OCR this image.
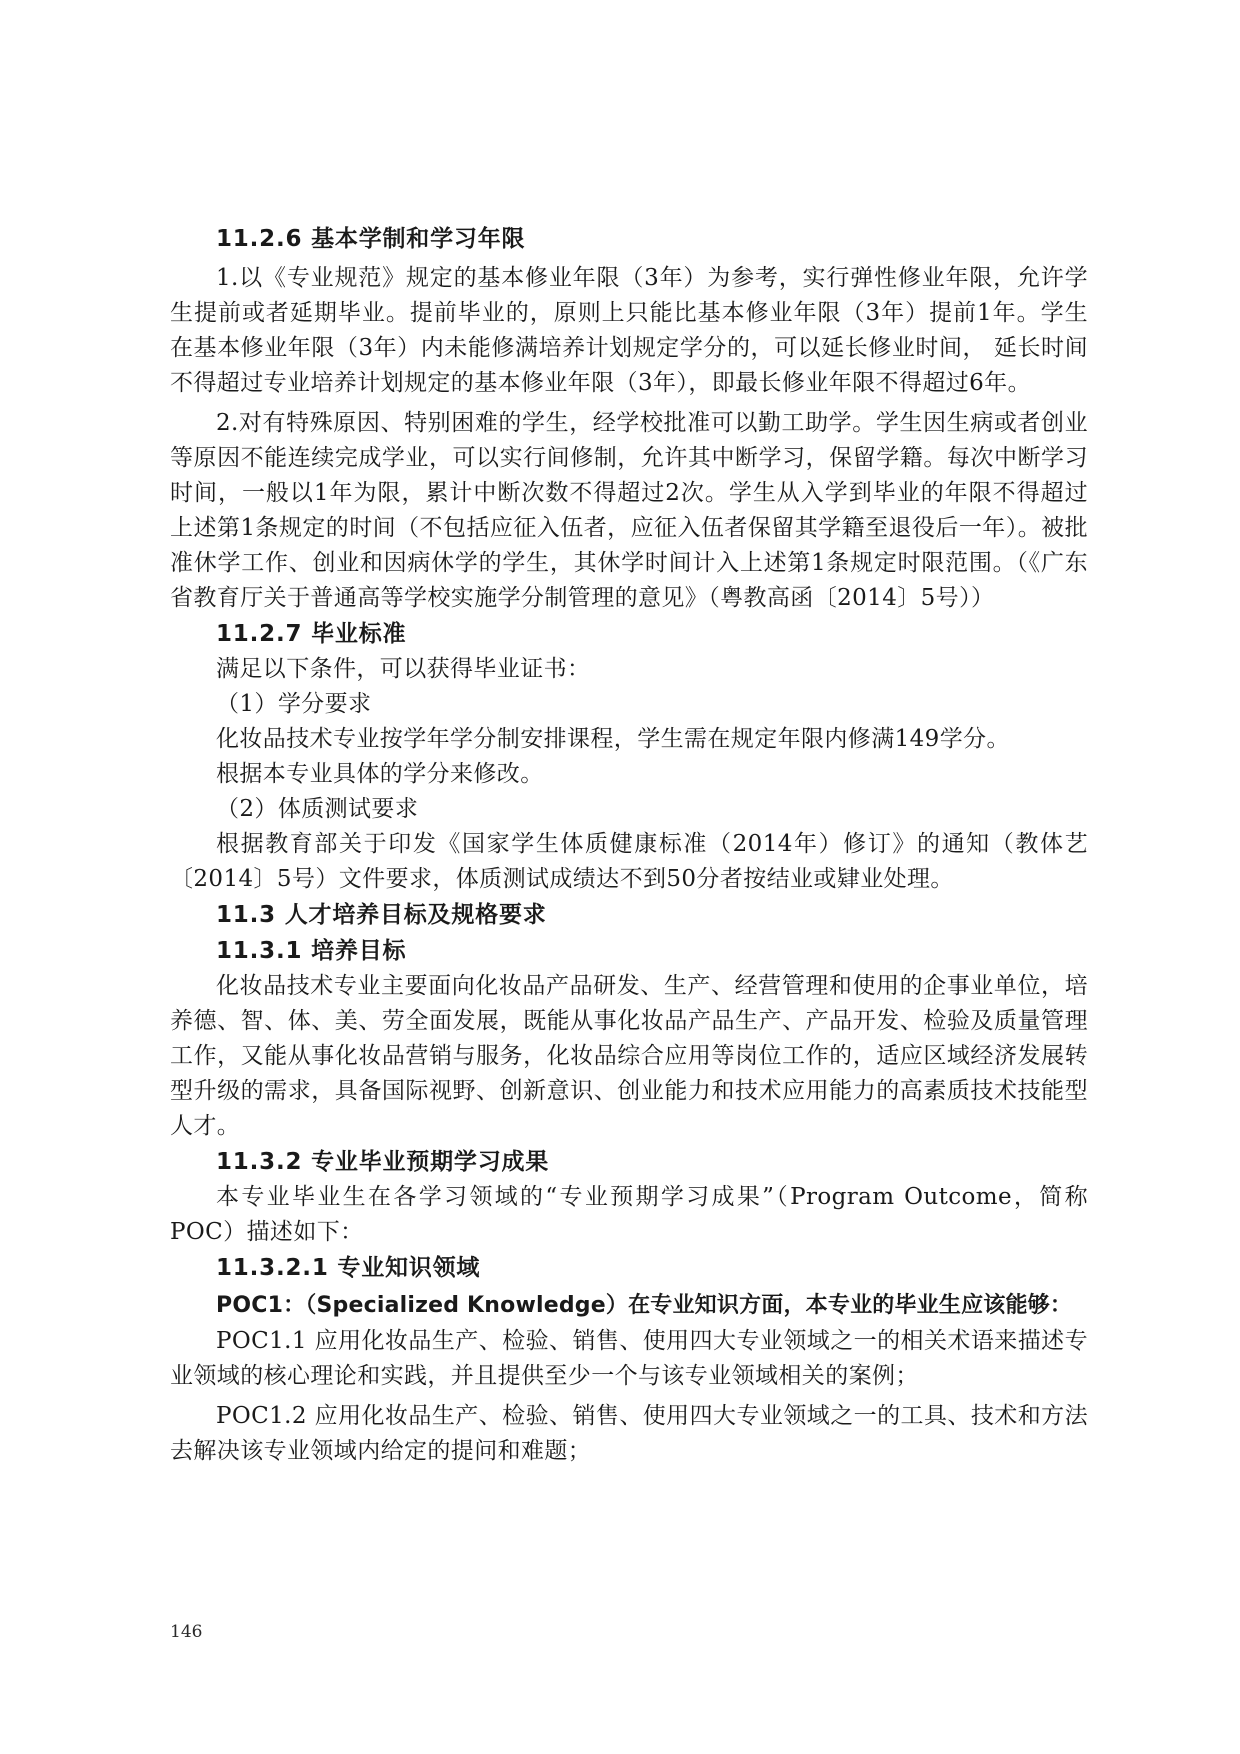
11.2.6 基本学制和学习年限

1.以《专业规范》规定的基本修业年限（3年）为参考，实行弹性修业年限，允许学生提前或者延期毕业。提前毕业的，原则上只能比基本修业年限（3年）提前1年。学生在基本修业年限（3年）内未能修满培养计划规定学分的，可以延长修业时间， 延长时间不得超过专业培养计划规定的基本修业年限（3年），即最长修业年限不得超过6年。

2.对有特殊原因、特别困难的学生，经学校批准可以勤工助学。学生因生病或者创业等原因不能连续完成学业，可以实行间修制，允许其中断学习，保留学籍。每次中断学习时间，一般以1年为限，累计中断次数不得超过2次。学生从入学到毕业的年限不得超过上述第1条规定的时间（不包括应征入伍者，应征入伍者保留其学籍至退役后一年）。被批准休学工作、创业和因病休学的学生，其休学时间计入上述第1条规定时限范围。（《广东省教育厅关于普通高等学校实施学分制管理的意见》（粤教高函〔2014〕5号））

11.2.7 毕业标准

满足以下条件，可以获得毕业证书：

（1）学分要求

化妆品技术专业按学年学分制安排课程，学生需在规定年限内修满149学分。

根据本专业具体的学分来修改。

（2）体质测试要求

根据教育部关于印发《国家学生体质健康标准（2014年）修订》的通知（教体艺〔2014〕5号）文件要求，体质测试成绩达不到50分者按结业或肄业处理。

11.3 人才培养目标及规格要求
11.3.1 培养目标

化妆品技术专业主要面向化妆品产品研发、生产、经营管理和使用的企事业单位，培养德、智、体、美、劳全面发展，既能从事化妆品产品生产、产品开发、检验及质量管理工作，又能从事化妆品营销与服务，化妆品综合应用等岗位工作的，适应区域经济发展转型升级的需求，具备国际视野、创新意识、创业能力和技术应用能力的高素质技术技能型人才。

11.3.2 专业毕业预期学习成果

本专业毕业生在各学习领域的“专业预期学习成果”（Program Outcome，简称POC）描述如下：

11.3.2.1 专业知识领域

POC1：（Specialized Knowledge）在专业知识方面，本专业的毕业生应该能够：

POC1.1 应用化妆品生产、检验、销售、使用四大专业领域之一的相关术语来描述专业领域的核心理论和实践，并且提供至少一个与该专业领域相关的案例；

POC1.2 应用化妆品生产、检验、销售、使用四大专业领域之一的工具、技术和方法去解决该专业领域内给定的提问和难题；

146
